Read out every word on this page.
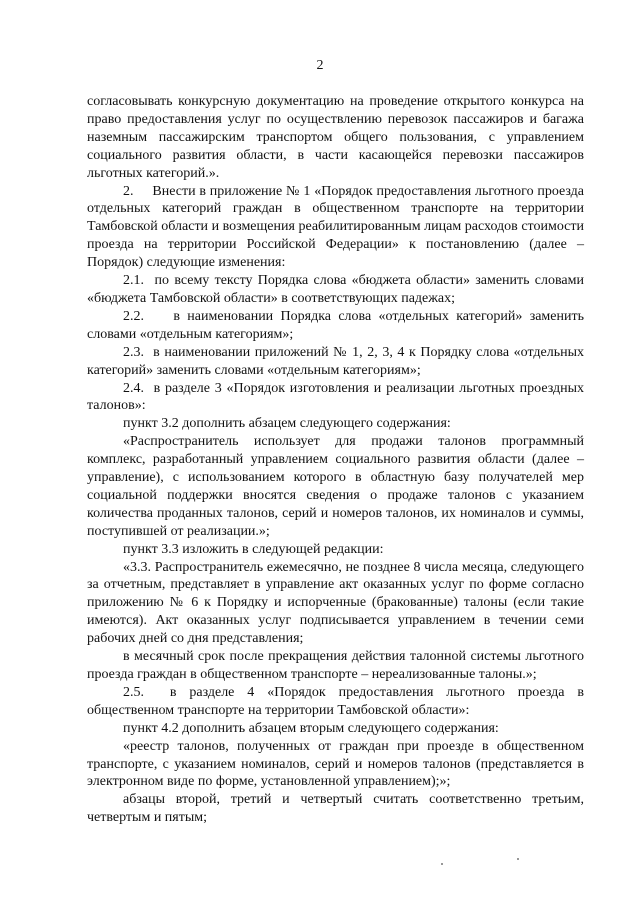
2

согласовывать конкурсную документацию на проведение открытого конкурса на право предоставления услуг по осуществлению перевозок пассажиров и багажа наземным пассажирским транспортом общего пользования, с управлением социального развития области, в части касающейся перевозки пассажиров льготных категорий.».

2.     Внести в приложение № 1 «Порядок предоставления льготного проезда отдельных категорий граждан в общественном транспорте на территории Тамбовской области и возмещения реабилитированным лицам расходов стоимости проезда на территории Российской Федерации» к постановлению (далее – Порядок) следующие изменения:

2.1.  по всему тексту Порядка слова «бюджета области» заменить словами «бюджета Тамбовской области» в соответствующих падежах;

2.2.    в наименовании Порядка слова «отдельных категорий» заменить словами «отдельным категориям»;

2.3.  в наименовании приложений № 1, 2, 3, 4 к Порядку слова «отдельных категорий» заменить словами «отдельным категориям»;

2.4.  в разделе 3 «Порядок изготовления и реализации льготных проездных талонов»:

пункт 3.2 дополнить абзацем следующего содержания:

«Распространитель использует для продажи талонов программный комплекс, разработанный управлением социального развития области (далее – управление), с использованием которого в областную базу получателей мер социальной поддержки вносятся сведения о продаже талонов с указанием количества проданных талонов, серий и номеров талонов, их номиналов и суммы, поступившей от реализации.»;

пункт 3.3 изложить в следующей редакции:

«3.3. Распространитель ежемесячно, не позднее 8 числа месяца, следующего за отчетным, представляет в управление акт оказанных услуг по форме согласно приложению № 6 к Порядку и испорченные (бракованные) талоны (если такие имеются). Акт оказанных услуг подписывается управлением в течении семи рабочих дней со дня представления;

в месячный срок после прекращения действия талонной системы льготного проезда граждан в общественном транспорте – нереализованные талоны.»;

2.5.  в разделе 4 «Порядок предоставления льготного проезда в общественном транспорте на территории Тамбовской области»:

пункт 4.2 дополнить абзацем вторым следующего содержания:

«реестр талонов, полученных от граждан при проезде в общественном транспорте, с указанием номиналов, серий и номеров талонов (представляется в электронном виде по форме, установленной управлением);»;

абзацы второй, третий и четвертый считать соответственно третьим, четвертым и пятым;
